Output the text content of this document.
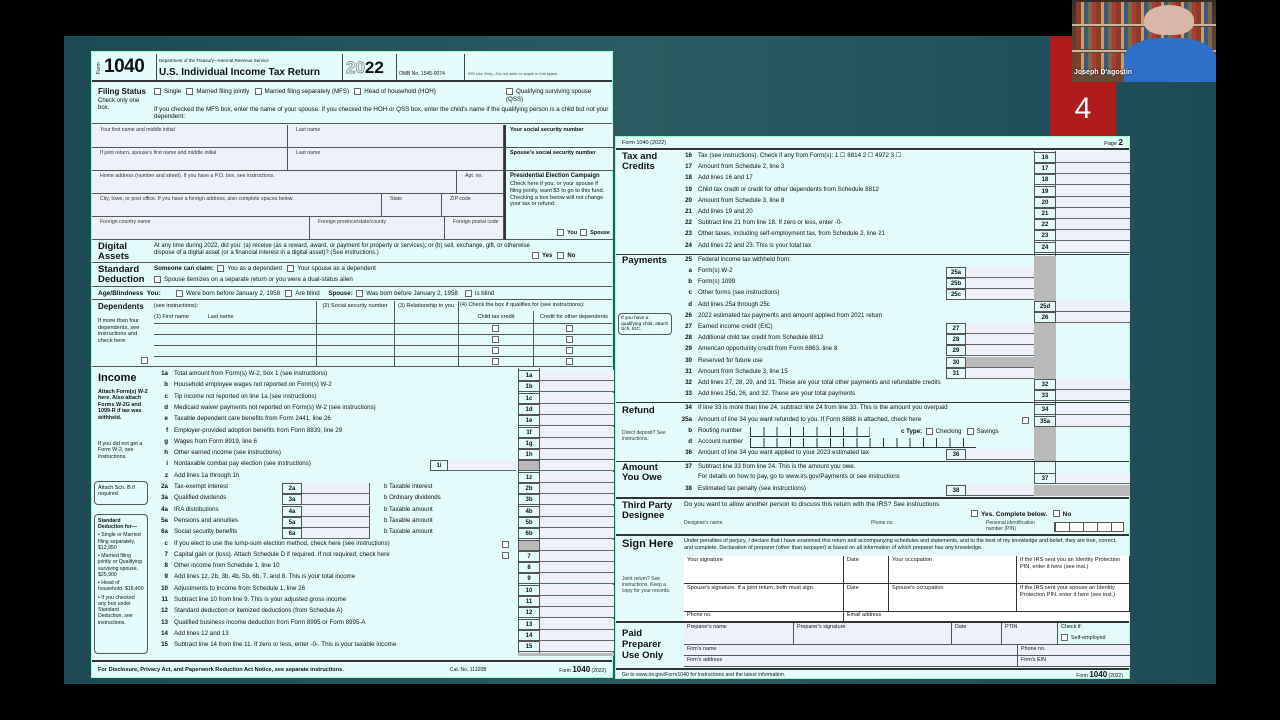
4
Joseph D'agostin
Form 1040	Department of the Treasury—Internal Revenue Service
U.S. Individual Income Tax Return 2022	OMB No. 1545-0074	IRS Use Only—Do not write or staple in this space.
Filing Status
Check only one box.
Single Married filing jointly Married filing separately (MFS) Head of household (HOH)	Qualifying surviving spouse (QSS)
If you checked the MFS box, enter the name of your spouse. If you checked the HOH or QSS box, enter the child's name if the qualifying person is a child but not your dependent:
Your first name and middle initial	Last name	Your social security number
If joint return, spouse's first name and middle initial	Last name	Spouse's social security number
Home address (number and street). If you have a P.O. box, see instructions.	Apt. no.
City, town, or post office. If you have a foreign address, also complete spaces below.	State	ZIP code
Foreign country name	Foreign province/state/county	Foreign postal code
Presidential Election Campaign
Check here if you, or your spouse if filing jointly, want $3 to go to this fund. Checking a box below will not change your tax or refund.
You Spouse
Digital Assets
At any time during 2022, did you: (a) receive (as a reward, award, or payment for property or services); or (b) sell, exchange, gift, or otherwise dispose of a digital asset (or a financial interest in a digital asset)? (See instructions.)	Yes	No
Standard Deduction
Someone can claim: You as a dependent Your spouse as a dependent
Spouse itemizes on a separate return or you were a dual-status alien
Age/Blindness You:	Were born before January 2, 1958 Are blind Spouse: Was born before January 2, 1958	Is blind
Dependents (see instructions):
If more than four dependents, see instructions and check here
(1) First name	Last name
(2) Social security number	(3) Relationship to you	(4) Check the box if qualifies for (see instructions):
Child tax credit	Credit for other dependents
Income
Attach Form(s) W-2 here. Also attach Forms W-2G and 1099-R if tax was withheld.
If you did not get a Form W-2, see instructions.
Attach Sch. B if required.
Standard Deduction for—
• Single or Married filing separately, $12,950
• Married filing jointly or Qualifying surviving spouse, $25,900
• Head of household, $19,400
• If you checked any box under Standard Deduction, see instructions.
1a Total amount from Form(s) W-2, box 1 (see instructions)	1a
b Household employee wages not reported on Form(s) W-2	1b
c Tip income not reported on line 1a (see instructions)	1c
d Medicaid waiver payments not reported on Form(s) W-2 (see instructions)	1d
e Taxable dependent care benefits from Form 2441, line 26	1e
f Employer-provided adoption benefits from Form 8839, line 29	1f
g Wages from Form 8919, line 6	1g
h Other earned income (see instructions)	1h
i Nontaxable combat pay election (see instructions)	1i
z Add lines 1a through 1h	1z
2a Tax-exempt interest	b Taxable interest
2a	2b
3a Qualified dividends	b Ordinary dividends
3a	3b
4a IRA distributions	b Taxable amount
4a	4b
5a Pensions and annuities	b Taxable amount
5a	5b
6a Social security benefits	b Taxable amount
6a	6b
c If you elect to use the lump-sum election method, check here (see instructions)
7 Capital gain or (loss). Attach Schedule D if required. If not required, check here	7
8 Other income from Schedule 1, line 10	8
9 Add lines 1z, 2b, 3b, 4b, 5b, 6b, 7, and 8. This is your total income	9
10 Adjustments to income from Schedule 1, line 26	10
11 Subtract line 10 from line 9. This is your adjusted gross income	11
12 Standard deduction or itemized deductions (from Schedule A)	12
13 Qualified business income deduction from Form 8995 or Form 8995-A	13
14 Add lines 12 and 13	14
15 Subtract line 14 from line 11. If zero or less, enter -0-. This is your taxable income	15
For Disclosure, Privacy Act, and Paperwork Reduction Act Notice, see separate instructions.	Cat. No. 11320B	Form 1040 (2022)
Form 1040 (2022)	Page 2
Tax and Credits
16 Tax (see instructions). Check if any from Form(s): 1 ☐ 8814 2 ☐ 4972 3 ☐	16
17 Amount from Schedule 2, line 3	17
18 Add lines 16 and 17	18
19 Child tax credit or credit for other dependents from Schedule 8812	19
20 Amount from Schedule 3, line 8	20
21 Add lines 19 and 20	21
22 Subtract line 21 from line 18. If zero or less, enter -0-	22
23 Other taxes, including self-employment tax, from Schedule 2, line 21	23
24 Add lines 22 and 23. This is your total tax	24
Payments
If you have a qualifying child, attach Sch. EIC.
25 Federal income tax withheld from:
a Form(s) W-2	25a
b Form(s) 1099	25b
c Other forms (see instructions)	25c
d Add lines 25a through 25c	25d
26 2022 estimated tax payments and amount applied from 2021 return	26
27 Earned income credit (EIC)	27
28 Additional child tax credit from Schedule 8812	28
29 American opportunity credit from Form 8863, line 8	29
30 Reserved for future use	30
31 Amount from Schedule 3, line 15	31
32 Add lines 27, 28, 29, and 31. These are your total other payments and refundable credits	32
33 Add lines 25d, 26, and 32. These are your total payments	33
Refund
Direct deposit? See instructions.
34 If line 33 is more than line 24, subtract line 24 from line 33. This is the amount you overpaid	34
35a Amount of line 34 you want refunded to you. If Form 8888 is attached, check here	35a
b Routing number	c Type: Checking Savings
d Account number
36 Amount of line 34 you want applied to your 2023 estimated tax	36
Amount You Owe
37 Subtract line 33 from line 24. This is the amount you owe.
For details on how to pay, go to www.irs.gov/Payments or see instructions	37
38 Estimated tax penalty (see instructions)	38
Third Party Designee
Do you want to allow another person to discuss this return with the IRS? See instructions
Yes. Complete below. No
Designee's name	Phone no.	Personal identification number (PIN)
Sign Here Under penalties of perjury, I declare that I have examined this return and accompanying schedules and statements, and to the best of my knowledge and belief, they are true, correct, and complete. Declaration of preparer (other than taxpayer) is based on all information of which preparer has any knowledge.
Joint return? See instructions. Keep a copy for your records.
Your signature	Date	Your occupation	If the IRS sent you an Identity Protection PIN, enter it here (see inst.)
Spouse's signature. If a joint return, both must sign.	Date	Spouse's occupation	If the IRS sent your spouse an Identity Protection PIN, enter it here (see inst.)
Phone no.	Email address
Paid Preparer Use Only
Preparer's name	Preparer's signature	Date	PTIN	Check if:
Self-employed
Firm's name	Phone no.
Firm's address	Firm's EIN
Go to www.irs.gov/Form1040 for instructions and the latest information.	Form 1040 (2022)
